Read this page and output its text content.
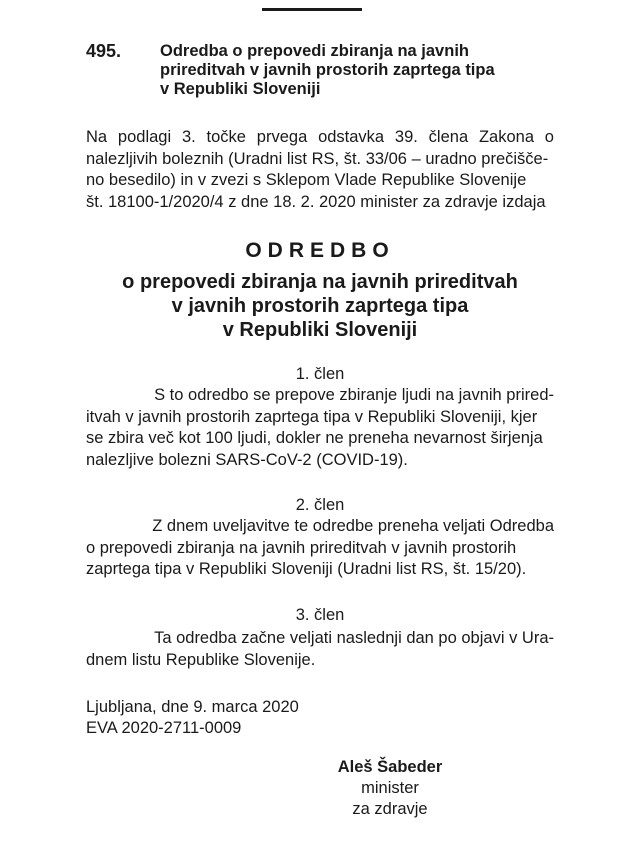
495.	Odredba o prepovedi zbiranja na javnih
prireditvah v javnih prostorih zaprtega tipa
v Republiki Sloveniji
Na podlagi 3. točke prvega odstavka 39. člena Zakona o
nalezljivih boleznih (Uradni list RS, št. 33/06 – uradno prečišče-
no besedilo) in v zvezi s Sklepom Vlade Republike Slovenije
št. 18100-1/2020/4 z dne 18. 2. 2020 minister za zdravje izdaja
ODREDBO
o prepovedi zbiranja na javnih prireditvah
v javnih prostorih zaprtega tipa
v Republiki Sloveniji
1. člen
S to odredbo se prepove zbiranje ljudi na javnih prired-
itvah v javnih prostorih zaprtega tipa v Republiki Sloveniji, kjer
se zbira več kot 100 ljudi, dokler ne preneha nevarnost širjenja
nalezljive bolezni SARS-CoV-2 (COVID-19).
2. člen
Z dnem uveljavitve te odredbe preneha veljati Odredba
o prepovedi zbiranja na javnih prireditvah v javnih prostorih
zaprtega tipa v Republiki Sloveniji (Uradni list RS, št. 15/20).
3. člen
Ta odredba začne veljati naslednji dan po objavi v Ura-
dnem listu Republike Slovenije.
Ljubljana, dne 9. marca 2020
EVA 2020-2711-0009
Aleš Šabeder
minister
za zdravje
